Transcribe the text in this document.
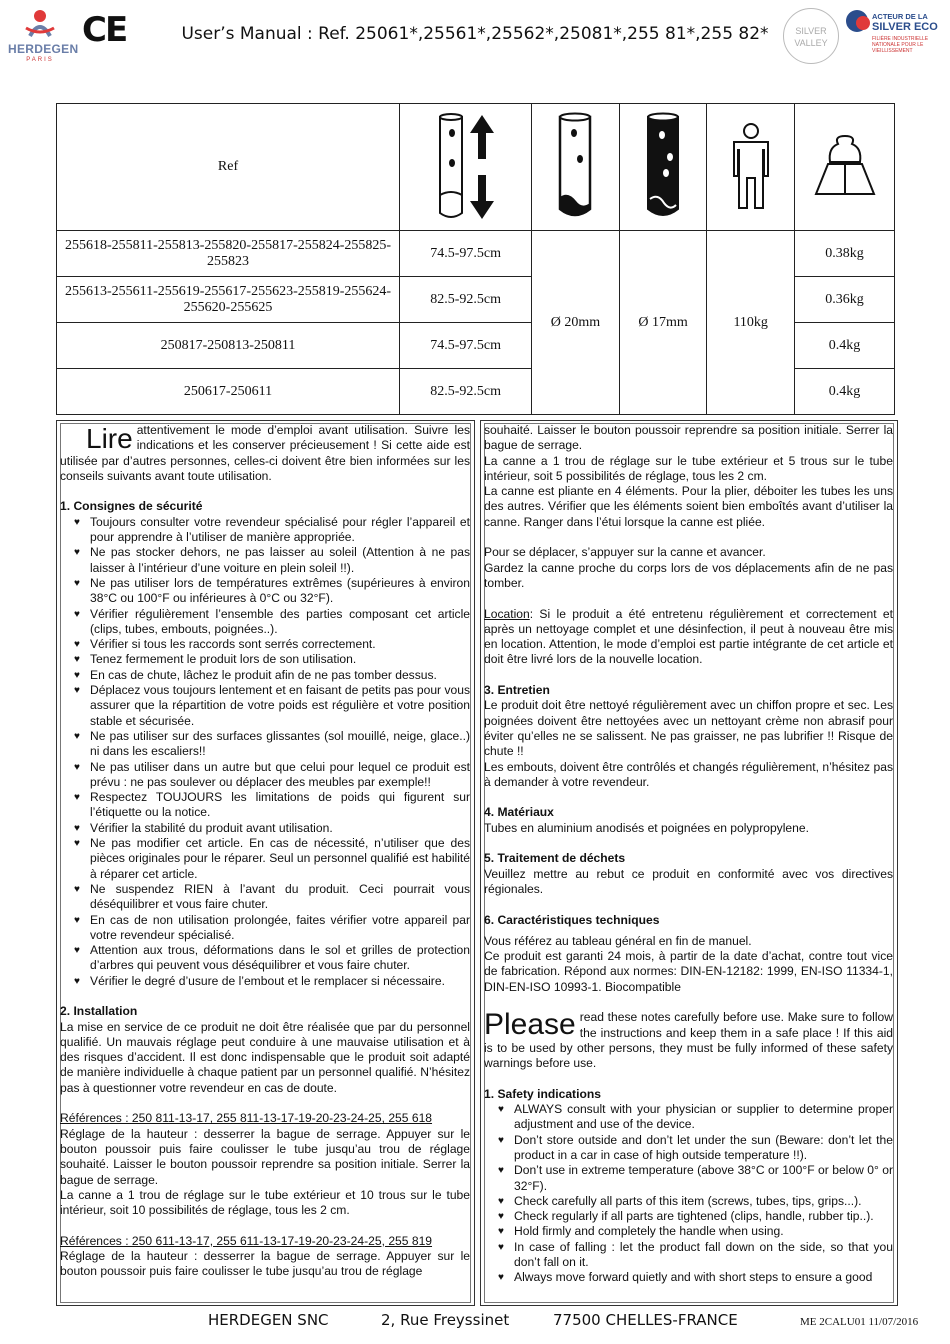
HERDEGEN
PARIS
CE	User’s Manual : Ref. 25061*,25561*,25562*,25081*,255 81*,255 82*	SILVER
VALLEY
ACTEUR DE LA
SILVER ECO
FILIÈRE INDUSTRIELLE NATIONALE POUR LE VIEILLISSEMENT
Ref	

255618-255811-255813-255820-255817-255824-255825-255823	74.5-97.5cm	Ø 20mm	Ø 17mm	110kg	0.38kg
255613-255611-255619-255617-255623-255819-255624-255620-255625	82.5-92.5cm				0.36kg
250817-250813-250811	74.5-97.5cm				0.4kg
250617-250611	82.5-92.5cm				0.4kg

Lire attentivement le mode d’emploi avant utilisation. Suivre les indications et les conserver précieusement ! Si cette aide est utilisée par d’autres personnes, celles-ci doivent être bien informées sur les conseils suivants avant toute utilisation.

1. Consignes de sécurité

♥ Toujours consulter votre revendeur spécialisé pour régler l’appareil et pour apprendre à l’utiliser de manière appropriée.
♥ Ne pas stocker dehors, ne pas laisser au soleil (Attention à ne pas laisser à l’intérieur d’une voiture en plein soleil !!).
♥ Ne pas utiliser lors de températures extrêmes (supérieures à environ 38°C ou 100°F ou inférieures à 0°C ou 32°F).
♥ Vérifier régulièrement l’ensemble des parties composant cet article (clips, tubes, embouts, poignées..).
♥ Vérifier si tous les raccords sont serrés correctement.
♥ Tenez fermement le produit lors de son utilisation.
♥ En cas de chute, lâchez le produit afin de ne pas tomber dessus.
♥ Déplacez vous toujours lentement et en faisant de petits pas pour vous assurer que la répartition de votre poids est régulière et votre position stable et sécurisée.
♥ Ne pas utiliser sur des surfaces glissantes (sol mouillé, neige, glace..) ni dans les escaliers!!
♥ Ne pas utiliser dans un autre but que celui pour lequel ce produit est prévu : ne pas soulever ou déplacer des meubles par exemple!!
♥ Respectez TOUJOURS les limitations de poids qui figurent sur l’étiquette ou la notice.
♥ Vérifier la stabilité du produit avant utilisation.
♥ Ne pas modifier cet article. En cas de nécessité, n’utiliser que des pièces originales pour le réparer. Seul un personnel qualifié est habilité à réparer cet article.
♥ Ne suspendez RIEN à l’avant du produit. Ceci pourrait vous déséquilibrer et vous faire chuter.
♥ En cas de non utilisation prolongée, faites vérifier votre appareil par votre revendeur spécialisé.
♥ Attention aux trous, déformations dans le sol et grilles de protection d’arbres qui peuvent vous déséquilibrer et vous faire chuter.
♥ Vérifier le degré d’usure de l’embout et le remplacer si nécessaire.

2. Installation

La mise en service de ce produit ne doit être réalisée que par du personnel qualifié. Un mauvais réglage peut conduire à une mauvaise utilisation et à des risques d’accident. Il est donc indispensable que le produit soit adapté de manière individuelle à chaque patient par un personnel qualifié. N’hésitez pas à questionner votre revendeur en cas de doute.

Références : 250 811-13-17, 255 811-13-17-19-20-23-24-25, 255 618

Réglage de la hauteur : desserrer la bague de serrage. Appuyer sur le bouton poussoir puis faire coulisser le tube jusqu’au trou de réglage souhaité. Laisser le bouton poussoir reprendre sa position initiale. Serrer la bague de serrage.

La canne a 1 trou de réglage sur le tube extérieur et 10 trous sur le tube intérieur, soit 10 possibilités de réglage, tous les 2 cm.

Références : 250 611-13-17, 255 611-13-17-19-20-23-24-25, 255 819

Réglage de la hauteur : desserrer la bague de serrage. Appuyer sur le bouton poussoir puis faire coulisser le tube jusqu’au trou de réglage

souhaité. Laisser le bouton poussoir reprendre sa position initiale. Serrer la bague de serrage.

La canne a 1 trou de réglage sur le tube extérieur et 5 trous sur le tube intérieur, soit 5 possibilités de réglage, tous les 2 cm.

La canne est pliante en 4 éléments. Pour la plier, déboiter les tubes les uns des autres. Vérifier que les éléments soient bien emboîtés avant d’utiliser la canne. Ranger dans l’étui lorsque la canne est pliée.

Pour se déplacer, s’appuyer sur la canne et avancer.

Gardez la canne proche du corps lors de vos déplacements afin de ne pas tomber.

Location: Si le produit a été entretenu régulièrement et correctement et après un nettoyage complet et une désinfection, il peut à nouveau être mis en location. Attention, le mode d’emploi est partie intégrante de cet article et doit être livré lors de la nouvelle location.

3. Entretien

Le produit doit être nettoyé régulièrement avec un chiffon propre et sec. Les poignées doivent être nettoyées avec un nettoyant crème non abrasif pour éviter qu’elles ne se salissent. Ne pas graisser, ne pas lubrifier !! Risque de chute !!

Les embouts, doivent être contrôlés et changés régulièrement, n’hésitez pas à demander à votre revendeur.

4. Matériaux

Tubes en aluminium anodisés et poignées en polypropylene.

5. Traitement de déchets

Veuillez mettre au rebut ce produit en conformité avec vos directives régionales.

6. Caractéristiques techniques

Vous référez au tableau général en fin de manuel.

Ce produit est garanti 24 mois, à partir de la date d’achat, contre tout vice de fabrication. Répond aux normes: DIN-EN-12182: 1999, EN-ISO 11334-1, DIN-EN-ISO 10993-1. Biocompatible

Please read these notes carefully before use. Make sure to follow the instructions and keep them in a safe place ! If this aid is to be used by other persons, they must be fully informed of these safety warnings before use.

1. Safety indications

♥ ALWAYS consult with your physician or supplier to determine proper adjustment and use of the device.
♥ Don’t store outside and don’t let under the sun (Beware: don’t let the product in a car in case of high outside temperature !!).
♥ Don’t use in extreme temperature (above 38°C or 100°F or below 0° or 32°F).
♥ Check carefully all parts of this item (screws, tubes, tips, grips...).
♥ Check regularly if all parts are tightened (clips, handle, rubber tip..).
♥ Hold firmly and completely the handle when using.
♥ In case of falling : let the product fall down on the side, so that you don’t fall on it.
♥ Always move forward quietly and with short steps to ensure a good
HERDEGEN SNC	2, Rue Freyssinet	77500 CHELLES-FRANCE	ME 2CALU01 11/07/2016
